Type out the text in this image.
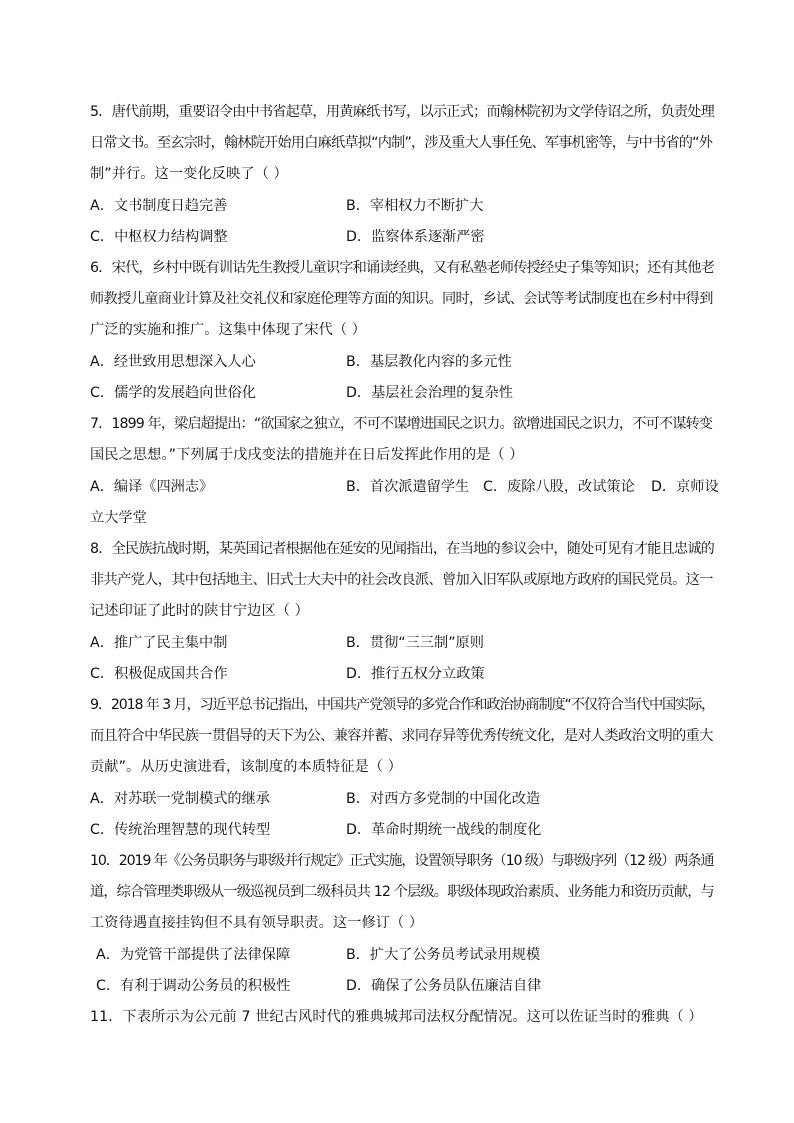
5．唐代前期，重要诏令由中书省起草，用黄麻纸书写，以示正式；而翰林院初为文学侍诏之所，负责处理
日常文书。至玄宗时，翰林院开始用白麻纸草拟“内制”，涉及重大人事任免、军事机密等，与中书省的“外
制”并行。这一变化反映了（ ）
A．文书制度日趋完善	B．宰相权力不断扩大
C．中枢权力结构调整	D．监察体系逐渐严密
6．宋代，乡村中既有训诂先生教授儿童识字和诵读经典，又有私塾老师传授经史子集等知识；还有其他老
师教授儿童商业计算及社交礼仪和家庭伦理等方面的知识。同时，乡试、会试等考试制度也在乡村中得到
广泛的实施和推广。这集中体现了宋代（ ）
A．经世致用思想深入人心	B．基层教化内容的多元性
C．儒学的发展趋向世俗化	D．基层社会治理的复杂性
7．1899 年，梁启超提出：“欲国家之独立，不可不谋增进国民之识力。欲增进国民之识力，不可不谋转变
国民之思想。”下列属于戊戌变法的措施并在日后发挥此作用的是（ ）
A．编译《四洲志》	B．首次派遣留学生 C．废除八股，改试策论 D．京师设
立大学堂
8．全民族抗战时期，某英国记者根据他在延安的见闻指出，在当地的参议会中，随处可见有才能且忠诚的
非共产党人，其中包括地主、旧式士大夫中的社会改良派、曾加入旧军队或原地方政府的国民党员。这一
记述印证了此时的陕甘宁边区（ ）
A．推广了民主集中制	B．贯彻“三三制”原则
C．积极促成国共合作	D．推行五权分立政策
9．2018 年 3 月，习近平总书记指出，中国共产党领导的多党合作和政治协商制度“不仅符合当代中国实际，
而且符合中华民族一贯倡导的天下为公、兼容并蓄、求同存异等优秀传统文化，是对人类政治文明的重大
贡献”。从历史演进看，该制度的本质特征是（ ）
A．对苏联一党制模式的继承	B．对西方多党制的中国化改造
C．传统治理智慧的现代转型	D．革命时期统一战线的制度化
10．2019 年《公务员职务与职级并行规定》正式实施，设置领导职务（10 级）与职级序列（12 级）两条通
道，综合管理类职级从一级巡视员到二级科员共 12 个层级。职级体现政治素质、业务能力和资历贡献，与
工资待遇直接挂钩但不具有领导职责。这一修订（ ）
A．为党管干部提供了法律保障	B．扩大了公务员考试录用规模
C．有利于调动公务员的积极性	D．确保了公务员队伍廉洁自律
11．下表所示为公元前 7 世纪古风时代的雅典城邦司法权分配情况。这可以佐证当时的雅典（ ）
